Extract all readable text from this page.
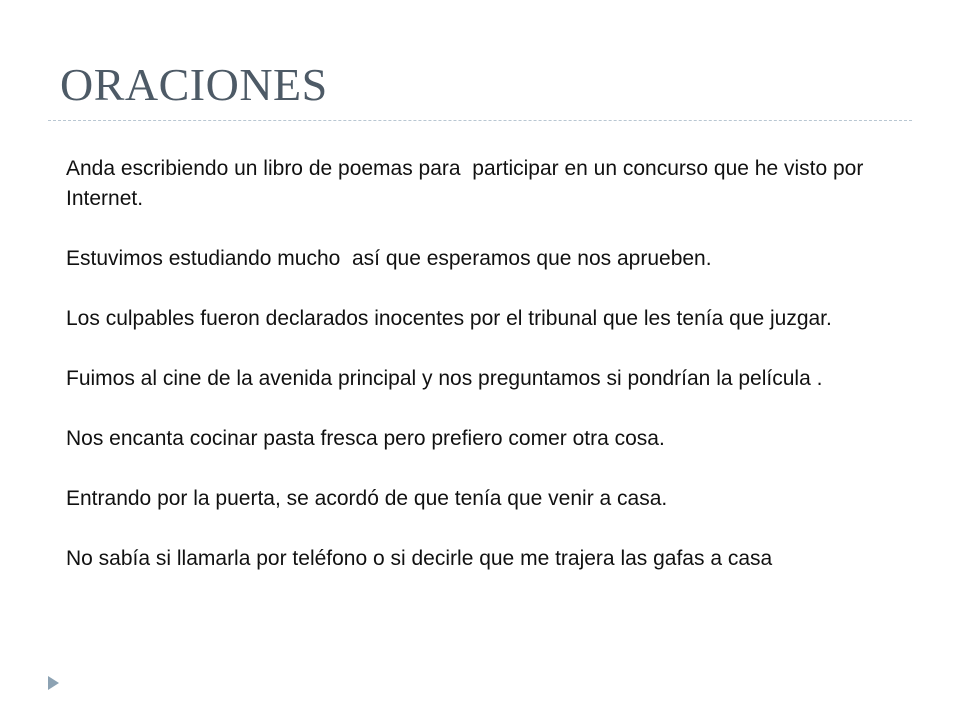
ORACIONES

Anda escribiendo un libro de poemas para  participar en un concurso que he visto por Internet.

Estuvimos estudiando mucho  así que esperamos que nos aprueben.

Los culpables fueron declarados inocentes por el tribunal que les tenía que juzgar.

Fuimos al cine de la avenida principal y nos preguntamos si pondrían la película .

Nos encanta cocinar pasta fresca pero prefiero comer otra cosa.

Entrando por la puerta, se acordó de que tenía que venir a casa.

No sabía si llamarla por teléfono o si decirle que me trajera las gafas a casa
